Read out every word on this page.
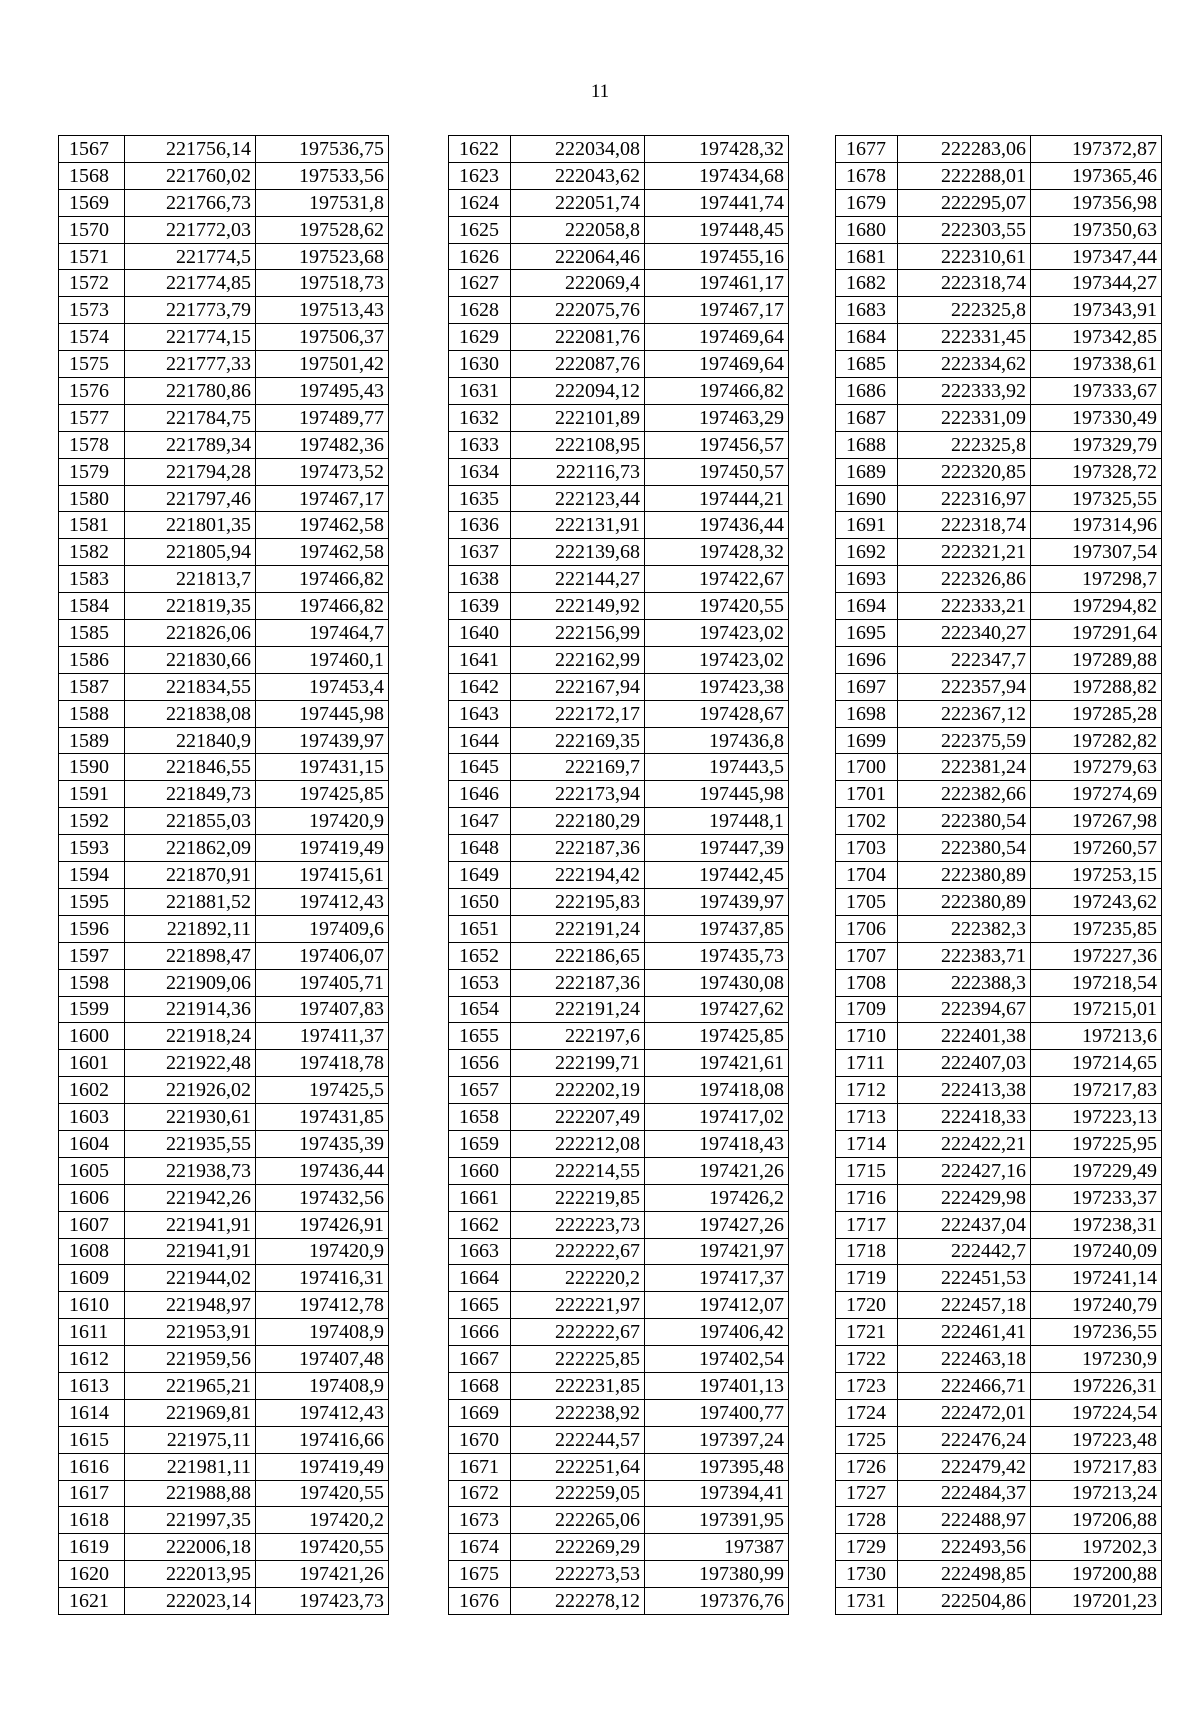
11
1567	221756,14	197536,75
1568	221760,02	197533,56
1569	221766,73	197531,8
1570	221772,03	197528,62
1571	221774,5	197523,68
1572	221774,85	197518,73
1573	221773,79	197513,43
1574	221774,15	197506,37
1575	221777,33	197501,42
1576	221780,86	197495,43
1577	221784,75	197489,77
1578	221789,34	197482,36
1579	221794,28	197473,52
1580	221797,46	197467,17
1581	221801,35	197462,58
1582	221805,94	197462,58
1583	221813,7	197466,82
1584	221819,35	197466,82
1585	221826,06	197464,7
1586	221830,66	197460,1
1587	221834,55	197453,4
1588	221838,08	197445,98
1589	221840,9	197439,97
1590	221846,55	197431,15
1591	221849,73	197425,85
1592	221855,03	197420,9
1593	221862,09	197419,49
1594	221870,91	197415,61
1595	221881,52	197412,43
1596	221892,11	197409,6
1597	221898,47	197406,07
1598	221909,06	197405,71
1599	221914,36	197407,83
1600	221918,24	197411,37
1601	221922,48	197418,78
1602	221926,02	197425,5
1603	221930,61	197431,85
1604	221935,55	197435,39
1605	221938,73	197436,44
1606	221942,26	197432,56
1607	221941,91	197426,91
1608	221941,91	197420,9
1609	221944,02	197416,31
1610	221948,97	197412,78
1611	221953,91	197408,9
1612	221959,56	197407,48
1613	221965,21	197408,9
1614	221969,81	197412,43
1615	221975,11	197416,66
1616	221981,11	197419,49
1617	221988,88	197420,55
1618	221997,35	197420,2
1619	222006,18	197420,55
1620	222013,95	197421,26
1621	222023,14	197423,73
1622	222034,08	197428,32
1623	222043,62	197434,68
1624	222051,74	197441,74
1625	222058,8	197448,45
1626	222064,46	197455,16
1627	222069,4	197461,17
1628	222075,76	197467,17
1629	222081,76	197469,64
1630	222087,76	197469,64
1631	222094,12	197466,82
1632	222101,89	197463,29
1633	222108,95	197456,57
1634	222116,73	197450,57
1635	222123,44	197444,21
1636	222131,91	197436,44
1637	222139,68	197428,32
1638	222144,27	197422,67
1639	222149,92	197420,55
1640	222156,99	197423,02
1641	222162,99	197423,02
1642	222167,94	197423,38
1643	222172,17	197428,67
1644	222169,35	197436,8
1645	222169,7	197443,5
1646	222173,94	197445,98
1647	222180,29	197448,1
1648	222187,36	197447,39
1649	222194,42	197442,45
1650	222195,83	197439,97
1651	222191,24	197437,85
1652	222186,65	197435,73
1653	222187,36	197430,08
1654	222191,24	197427,62
1655	222197,6	197425,85
1656	222199,71	197421,61
1657	222202,19	197418,08
1658	222207,49	197417,02
1659	222212,08	197418,43
1660	222214,55	197421,26
1661	222219,85	197426,2
1662	222223,73	197427,26
1663	222222,67	197421,97
1664	222220,2	197417,37
1665	222221,97	197412,07
1666	222222,67	197406,42
1667	222225,85	197402,54
1668	222231,85	197401,13
1669	222238,92	197400,77
1670	222244,57	197397,24
1671	222251,64	197395,48
1672	222259,05	197394,41
1673	222265,06	197391,95
1674	222269,29	197387
1675	222273,53	197380,99
1676	222278,12	197376,76
1677	222283,06	197372,87
1678	222288,01	197365,46
1679	222295,07	197356,98
1680	222303,55	197350,63
1681	222310,61	197347,44
1682	222318,74	197344,27
1683	222325,8	197343,91
1684	222331,45	197342,85
1685	222334,62	197338,61
1686	222333,92	197333,67
1687	222331,09	197330,49
1688	222325,8	197329,79
1689	222320,85	197328,72
1690	222316,97	197325,55
1691	222318,74	197314,96
1692	222321,21	197307,54
1693	222326,86	197298,7
1694	222333,21	197294,82
1695	222340,27	197291,64
1696	222347,7	197289,88
1697	222357,94	197288,82
1698	222367,12	197285,28
1699	222375,59	197282,82
1700	222381,24	197279,63
1701	222382,66	197274,69
1702	222380,54	197267,98
1703	222380,54	197260,57
1704	222380,89	197253,15
1705	222380,89	197243,62
1706	222382,3	197235,85
1707	222383,71	197227,36
1708	222388,3	197218,54
1709	222394,67	197215,01
1710	222401,38	197213,6
1711	222407,03	197214,65
1712	222413,38	197217,83
1713	222418,33	197223,13
1714	222422,21	197225,95
1715	222427,16	197229,49
1716	222429,98	197233,37
1717	222437,04	197238,31
1718	222442,7	197240,09
1719	222451,53	197241,14
1720	222457,18	197240,79
1721	222461,41	197236,55
1722	222463,18	197230,9
1723	222466,71	197226,31
1724	222472,01	197224,54
1725	222476,24	197223,48
1726	222479,42	197217,83
1727	222484,37	197213,24
1728	222488,97	197206,88
1729	222493,56	197202,3
1730	222498,85	197200,88
1731	222504,86	197201,23
